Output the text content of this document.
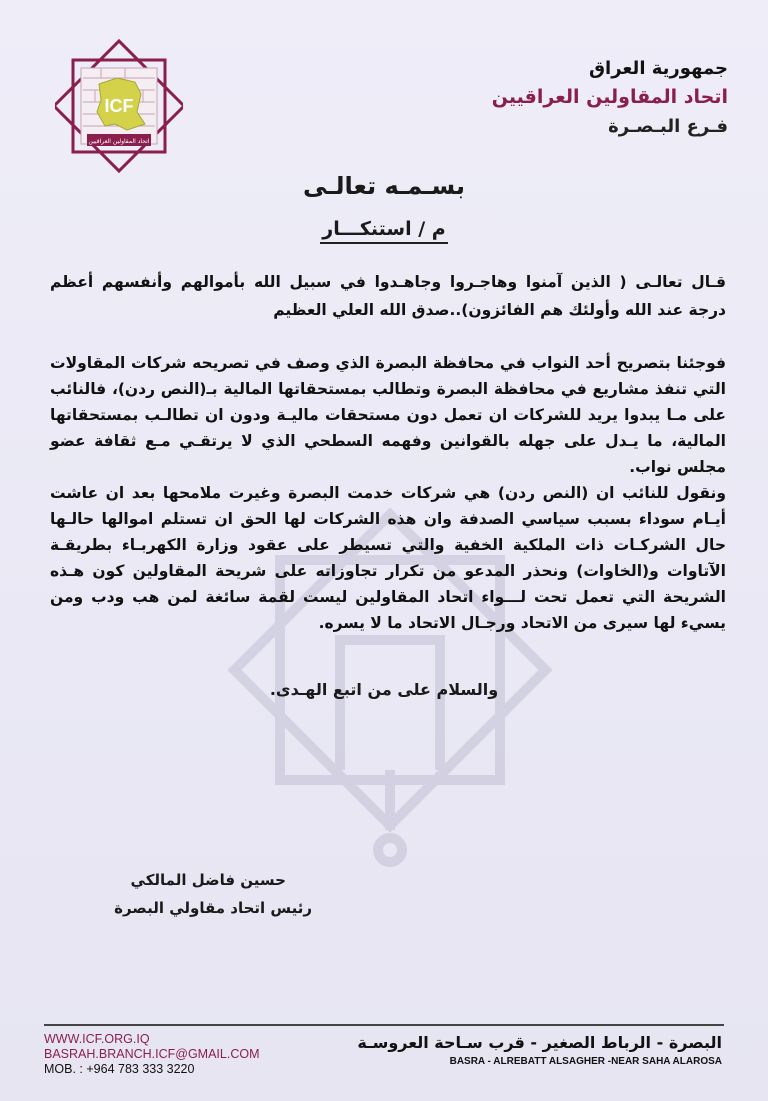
ICF
اتحاد المقاولين العراقيين
جمهورية العراق
اتحاد المقاولين العراقيين
فـرع البـصـرة
بسـمـه تعالـى
م / استنكـــار
قـال تعالـى ( الذين آمنوا وهاجـروا وجاهـدوا في سبيل الله بأموالهم وأنفسهم أعظم درجة عند الله وأولئك هم الفائزون)..صدق الله العلي العظيم

فوجئنا بتصريح أحد النواب في محافظة البصرة الذي وصف في تصريحه شركات المقاولات التي تنفذ مشاريع في محافظة البصرة وتطالب بمستحقاتها المالية بـ(النص ردن)، فالنائب على مـا يبدوا يريد للشركات ان تعمل دون مستحقات ماليـة ودون ان تطالـب بمستحقاتها المالية، ما يـدل على جهله بالقوانين وفهمه السطحي الذي لا يرتقـي مـع ثقافة عضو مجلس نواب.

ونقول للنائب ان (النص ردن) هي شركات خدمت البصرة وغيرت ملامحها بعد ان عاشت أيـام سوداء بسبب سياسي الصدفة وان هذه الشركات لها الحق ان تستلم اموالها حالـها حال الشركـات ذات الملكية الخفية والتي تسيطر على عقود وزارة الكهربـاء بطريقـة الآتاوات و(الخاوات) ونحذر المدعو من تكرار تجاوزاته على شريحة المقاولين كون هـذه الشريحة التي تعمل تحت لـــواء اتحاد المقاولين ليست لقمة سائغة لمن هب ودب ومن يسيء لها سيرى من الاتحاد ورجـال الاتحاد ما لا يسره.

والسلام على من اتبع الهـدى.
حسين فاضل المالكي
رئيس اتحاد مقاولي البصرة
WWW.ICF.ORG.IQ
BASRAH.BRANCH.ICF@GMAIL.COM
MOB. : +964 783 333 3220
البصرة - الرباط الصغير - قرب سـاحة العروسـة
BASRA - ALREBATT ALSAGHER -NEAR SAHA ALAROSA
